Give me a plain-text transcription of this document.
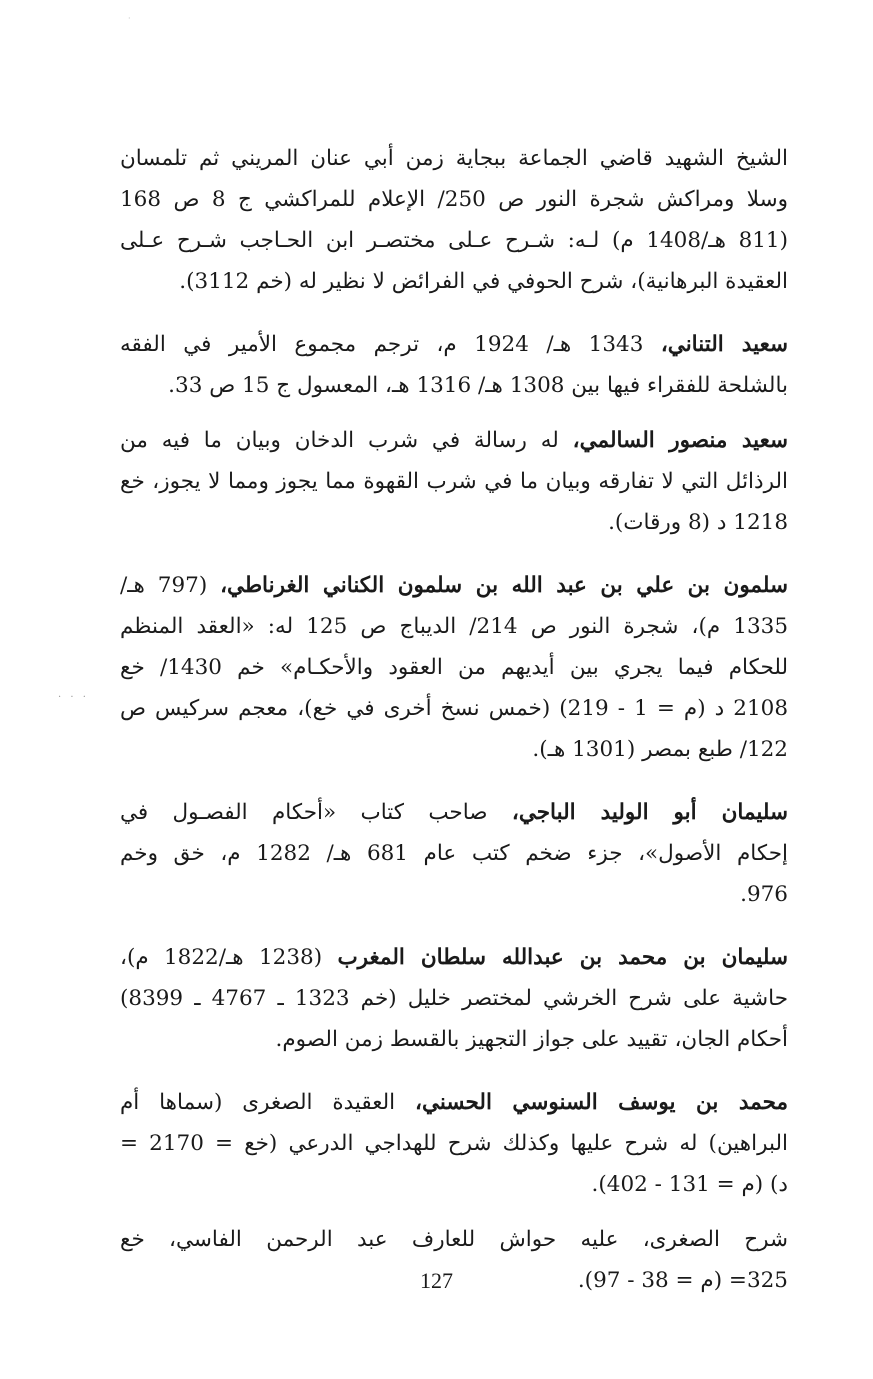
·
الشيخ الشهيد قاضي الجماعة ببجاية زمن أبي عنان المريني ثم تلمسان
وسلا ومراكش شجرة النور ص 250/ الإعلام للمراكشي ج 8 ص 168
(811 هـ/1408 م) لـه: شـرح عـلى مختصـر ابن الحـاجب شـرح عـلى
العقيدة البرهانية)، شرح الحوفي في الفرائض لا نظير له (خم 3112).
سعيد التناني، 1343 هـ/ 1924 م، ترجم مجموع الأمير في الفقه
بالشلحة للفقراء فيها بين 1308 هـ/ 1316 هـ، المعسول ج 15 ص 33.
سعيد منصور السالمي، له رسالة في شرب الدخان وبيان ما فيه من
الرذائل التي لا تفارقه وبيان ما في شرب القهوة مما يجوز ومما لا يجوز، خع
1218 د (8 ورقات).
سلمون بن علي بن عبد الله بن سلمون الكناني الغرناطي، (797 هـ/
1335 م)، شجرة النور ص 214/ الديباج ص 125 له: «العقد المنظم
للحكام فيما يجري بين أيديهم من العقود والأحكـام» خم 1430/ خع
2108 د (م = 1 - 219) (خمس نسخ أخرى في خع)، معجم سركيس ص
122/ طبع بمصر (1301 هـ).
سليمان أبو الوليد الباجي، صاحب كتاب «أحكام الفصـول في
إحكام الأصول»، جزء ضخم كتب عام 681 هـ/ 1282 م، خق وخم
976.
سليمان بن محمد بن عبدالله سلطان المغرب (1238 هـ/1822 م)،
حاشية على شرح الخرشي لمختصر خليل (خم 1323 ـ 4767 ـ 8399)
أحكام الجان، تقييد على جواز التجهيز بالقسط زمن الصوم.
محمد بن يوسف السنوسي الحسني، العقيدة الصغرى (سماها أم
البراهين) له شرح عليها وكذلك شرح للهداجي الدرعي (خع = 2170 =
د) (م = 131 - 402).
شرح الصغرى، عليه حواش للعارف عبد الرحمن الفاسي، خع
325= (م = 38 - 97).
· · ·
127
